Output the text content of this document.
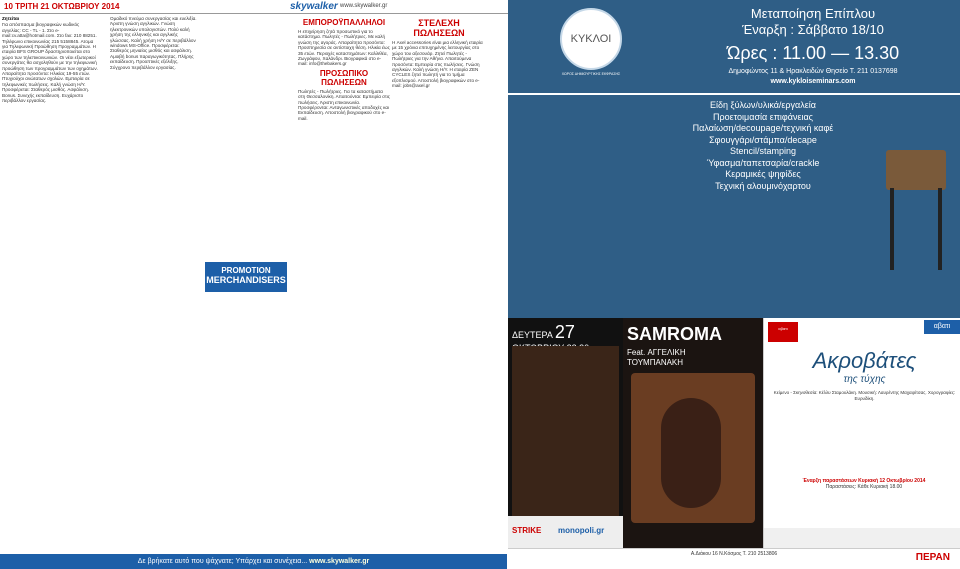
10 ΤΡΙΤΗ 21 ΟΚΤΩΒΡΙΟΥ 2014	skywalker www.skywalker.gr

Ζητείται

Για απόσπασμα βιογραφικών κωδικός αγγελίας: CC - TL - 1. Στο e-mail:cv.atta@hotmail.com. Στο fax: 210 88251. Τηλέφωνο επικοινωνίας 215 5158845. Ατομα για Τηλεφωνική Προώθηση Προγραμμάτων. Η εταιρία BFS GROUP δραστηριοποιείται στο χώρο των τηλεπικοινωνιών. Οι νέοι εξωτερικοί συνεργάτες θα ασχοληθούν με την τηλεφωνική προώθηση των προγραμμάτων των οχημάτων. Απαραίτητα προσόντα: Ηλικίας 19-55 ετών. Πτυχιούχοι ανώτατων σχολών. Εμπειρία σε τηλεφωνικές πωλήσεις. Καλή γνώση Η/Υ. Προσφέρεται: Σταθερός μισθός. Ασφάλιση. Bonus. Συνεχής εκπαίδευση. Ευχάριστο περιβάλλον εργασίας.

Ομαδικό πνεύμα συνεργασίας και ευελιξία. Άριστη γνώση αγγλικών. Γνώση ηλεκτρονικών υπολογιστών. Πολύ καλή χρήση της ελληνικής και αγγλικής γλώσσας. Καλή χρήση Η/Υ σε περιβάλλον windows MS-Office. Προσφέρεται: Σταθερός μηνιαίος μισθός και ασφάλιση. Αμοιβή bonus παραγωγικότητας. Πλήρης εκπαίδευση. Προοπτικές εξέλιξης. Σύγχρονο περιβάλλον εργασίας.

ΕΜΠΟΡΟΫΠΑΛΛΗΛΟΙ

Η επιχείρηση ζητά προσωπικό για το κατάστημα. Πωλητές - Πωλήτριες. Με καλή γνώση της αγοράς. Απαραίτητα προσόντα: Προϋπηρεσία σε αντίστοιχη θέση. Ηλικία έως 35 ετών. Περιοχές καταστημάτων: Καλλιθέα, Ζωγράφου, Χαλάνδρι. Βιογραφικά στο e-mail: info@thebakers.gr

ΠΡΟΣΩΠΙΚΟ ΠΩΛΗΣΕΩΝ

Πωλητές - Πωλήτριες. Για τα καταστήματα στη Θεσσαλονίκη. Απαιτούνται: Εμπειρία στις πωλήσεις. Άριστη επικοινωνία. Προσφέρονται: Ανταγωνιστικές αποδοχές και Εκπαίδευση. Αποστολή βιογραφικού στο e-mail.

ΣΤΕΛΕΧΗ ΠΩΛΗΣΕΩΝ

Η Axel accessories είναι μια ελληνική εταιρία με 15 χρόνια επιτυχημένης λειτουργίας στο χώρο του αξεσουάρ. Ζητεί Πωλητές - Πωλήτριες για την Αθήνα. Απαιτούμενα προσόντα: Εμπειρία στις πωλήσεις. Γνώση αγγλικών. Καλή γνώση Η/Υ. Η εταιρία ZEN CYCLES ζητεί πωλητή για το τμήμα εξοπλισμού. Αποστολή βιογραφικών στο e-mail: jobs@axel.gr

PROMOTION
MERCHANDISERS
Δε βρήκατε αυτό που ψάχνατε; Υπάρχει και συνέχεια... www.skywalker.gr
ΚΥΚΛΟΙ
ΧΩΡΟΣ ΔΗΜΙΟΥΡΓΙΚΗΣ ΕΚΦΡΑΣΗΣ
Μεταποίηση Επίπλου
Έναρξη : Σάββατο 18/10
Ώρες : 11.00 — 13.30
Δημοφώντος 11 & Ηρακλειδών Θησείο Τ. 211 0137698
www.kykloiseminars.com
Είδη ξύλων/υλικά/εργαλεία
Προετοιμασία επιφάνειας
Παλαίωση/decoupage/τεχνική καφέ
Σφουγγάρι/στάμπα/decape
Stencil/stamping
Ύφασμα/ταπετσαρία/crackle
Κεραμικές ψηφίδες
Τεχνική αλουμινόχαρτου
ΔΕΥΤΕΡΑ 27

STRIKE monopoli.gr
SAMROMA
Feat. ΑΓΓΕΛΙΚΗ
ΤΟΥΜΠΑΝΑΚΗ
αβατι	αβατι
Ακροβάτες
της τύχης
Κείμενο - Σκηνοθεσία: Κέλλυ Σταμουλάκη. Μουσική: Λαυρέντης Μαχαιρίτσας. Χορογραφίες: Ευρυδίκη.
Έναρξη παραστάσεων Κυριακή 12 Οκτωβρίου 2014
Παραστάσεις: Κάθε Κυριακή 18.00
Α.Διάκου 16 Ν.Κόσμος Τ. 210 2513806	ΠΕΡΑΝ
